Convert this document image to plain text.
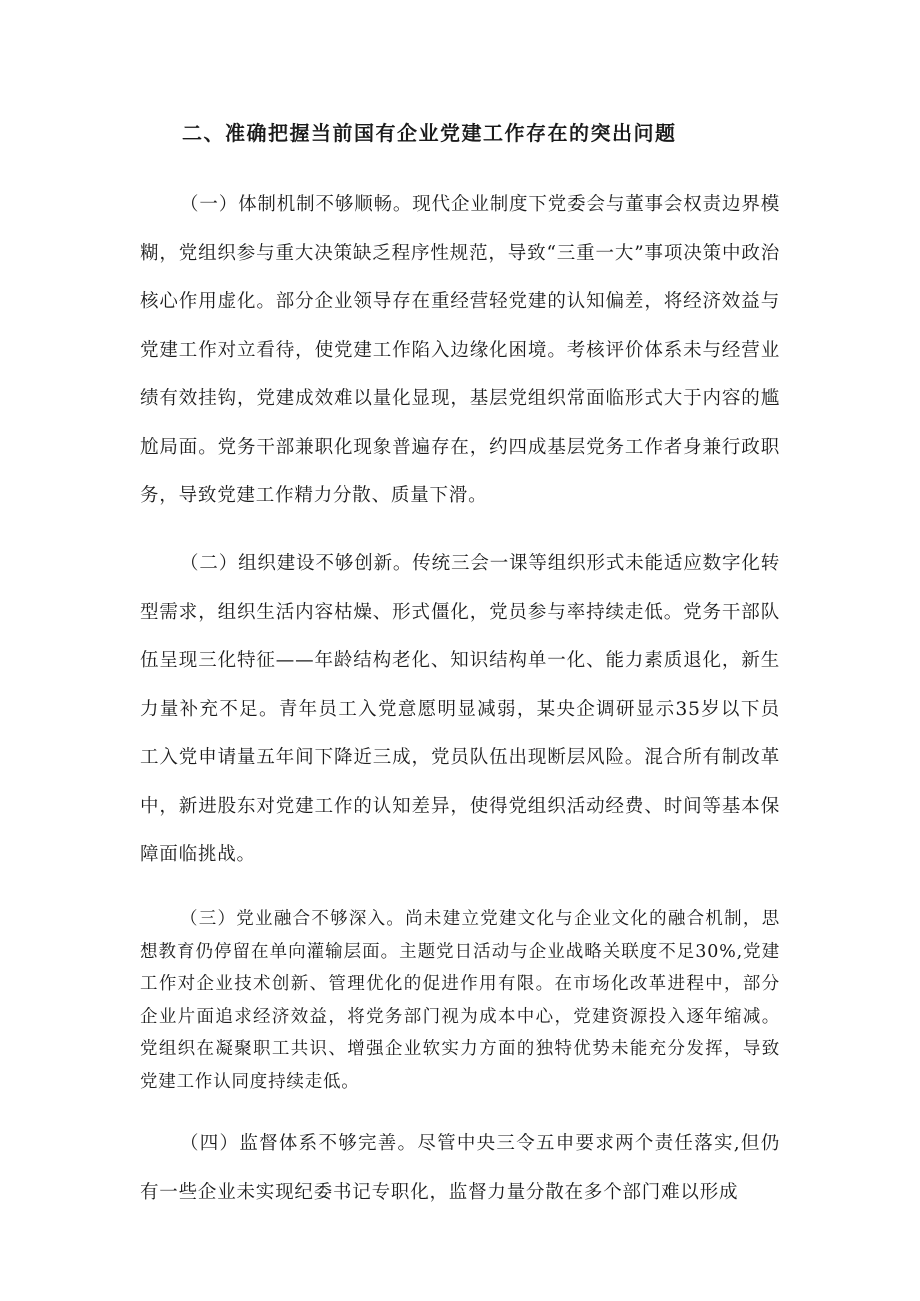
二、准确把握当前国有企业党建工作存在的突出问题

（一）体制机制不够顺畅。现代企业制度下党委会与董事会权责边界模糊，党组织参与重大决策缺乏程序性规范，导致“三重一大”事项决策中政治核心作用虚化。部分企业领导存在重经营轻党建的认知偏差，将经济效益与党建工作对立看待，使党建工作陷入边缘化困境。考核评价体系未与经营业绩有效挂钩，党建成效难以量化显现，基层党组织常面临形式大于内容的尴尬局面。党务干部兼职化现象普遍存在，约四成基层党务工作者身兼行政职务，导致党建工作精力分散、质量下滑。

（二）组织建设不够创新。传统三会一课等组织形式未能适应数字化转型需求，组织生活内容枯燥、形式僵化，党员参与率持续走低。党务干部队伍呈现三化特征——年龄结构老化、知识结构单一化、能力素质退化，新生力量补充不足。青年员工入党意愿明显减弱，某央企调研显示35岁以下员工入党申请量五年间下降近三成，党员队伍出现断层风险。混合所有制改革中，新进股东对党建工作的认知差异，使得党组织活动经费、时间等基本保障面临挑战。

（三）党业融合不够深入。尚未建立党建文化与企业文化的融合机制，思想教育仍停留在单向灌输层面。主题党日活动与企业战略关联度不足30%,党建工作对企业技术创新、管理优化的促进作用有限。在市场化改革进程中，部分企业片面追求经济效益，将党务部门视为成本中心，党建资源投入逐年缩减。党组织在凝聚职工共识、增强企业软实力方面的独特优势未能充分发挥，导致党建工作认同度持续走低。

（四）监督体系不够完善。尽管中央三令五申要求两个责任落实,但仍有一些企业未实现纪委书记专职化，监督力量分散在多个部门难以形成
